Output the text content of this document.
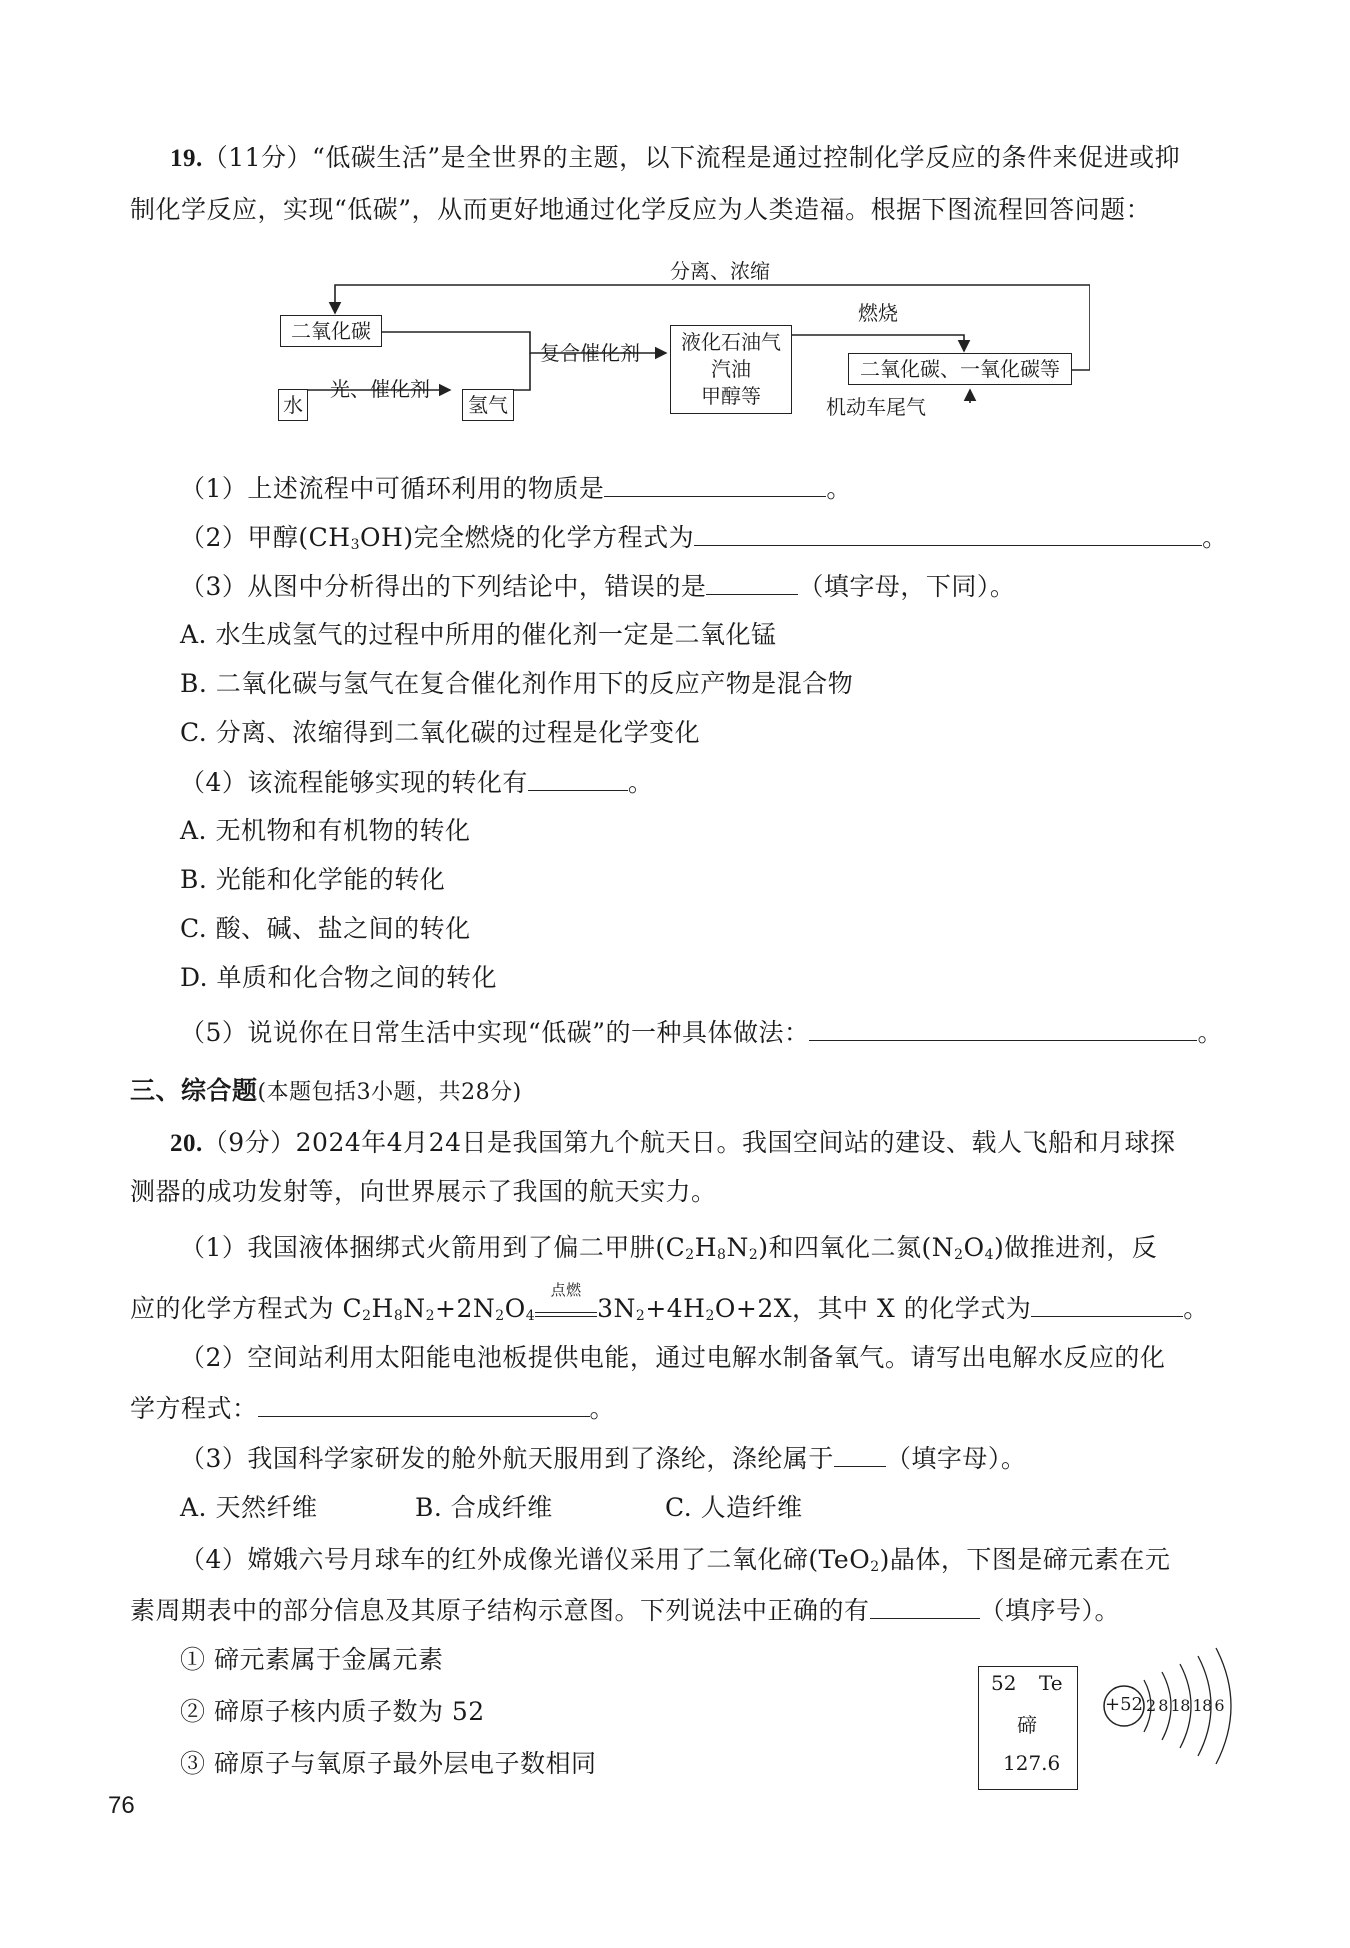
19.（11分）“低碳生活”是全世界的主题，以下流程是通过控制化学反应的条件来促进或抑
制化学反应，实现“低碳”，从而更好地通过化学反应为人类造福。根据下图流程回答问题：
分离、浓缩
二氧化碳
水
光、催化剂
氢气
复合催化剂	液化石油气
汽油
甲醇等
燃烧
二氧化碳、一氧化碳等
机动车尾气
（1）上述流程中可循环利用的物质是	。
（2）甲醇$(CH_3OH)$完全燃烧的化学方程式为	。
（3）从图中分析得出的下列结论中，错误的是	（填字母，下同）。
A. 水生成氢气的过程中所用的催化剂一定是二氧化锰
B. 二氧化碳与氢气在复合催化剂作用下的反应产物是混合物
C. 分离、浓缩得到二氧化碳的过程是化学变化
（4）该流程能够实现的转化有	。
A. 无机物和有机物的转化
B. 光能和化学能的转化
C. 酸、碱、盐之间的转化
D. 单质和化合物之间的转化
（5）说说你在日常生活中实现“低碳”的一种具体做法：	。
三、综合题(本题包括3小题，共28分)
20.（9分）2024年4月24日是我国第九个航天日。我国空间站的建设、载人飞船和月球探
测器的成功发射等，向世界展示了我国的航天实力。
（1）我国液体捆绑式火箭用到了偏二甲肼$(C_2H_8N_2)$和四氧化二氮$(N_2O_4)$做推进剂，反
应的化学方程式为 $C_2H_8N_2+2N_2O_4$
点燃
$3N_2+4H_2O+2X$，其中 X 的化学式为	。
（2）空间站利用太阳能电池板提供电能，通过电解水制备氧气。请写出电解水反应的化
学方程式：	。
（3）我国科学家研发的舱外航天服用到了涤纶，涤纶属于 （填字母）。
A. 天然纤维	B. 合成纤维	C. 人造纤维
（4）嫦娥六号月球车的红外成像光谱仪采用了二氧化碲(TeO$_2$)晶体，下图是碲元素在元
素周期表中的部分信息及其原子结构示意图。下列说法中正确的有	（填序号）。
① 碲元素属于金属元素
② 碲原子核内质子数为 52
③ 碲原子与氧原子最外层电子数相同
52 Te
碲
127.6
+52 2 8 18 18 6
76
